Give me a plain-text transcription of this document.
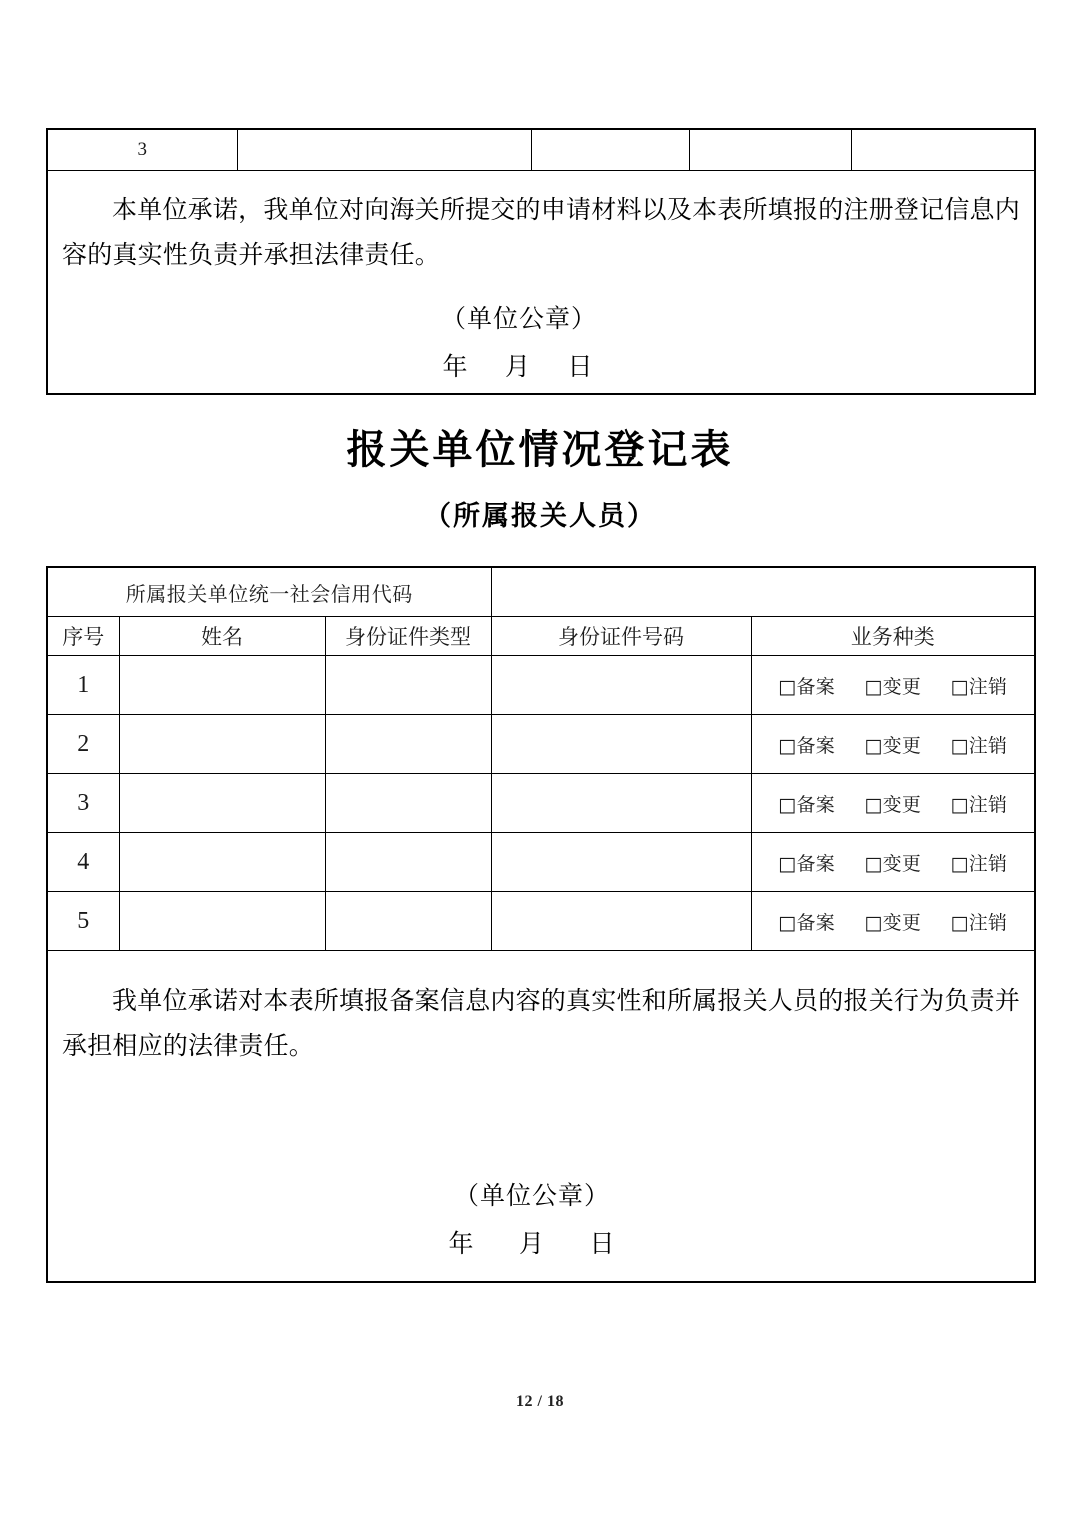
3				

本单位承诺，我单位对向海关所提交的申请材料以及本表所填报的注册登记信息内容的真实性负责并承担法律责任。
（单位公章）
年 月 日
报关单位情况登记表
（所属报关人员）
所属报关单位统一社会信用代码				
序号	姓名	身份证件类型	身份证件号码	业务种类
1				□备案 □变更 □注销

2				□备案 □变更 □注销

3				□备案 □变更 □注销

4				□备案 □变更 □注销

5				□备案 □变更 □注销

我单位承诺对本表所填报备案信息内容的真实性和所属报关人员的报关行为负责并承担相应的法律责任。
（单位公章）
年 月 日				
12 / 18
